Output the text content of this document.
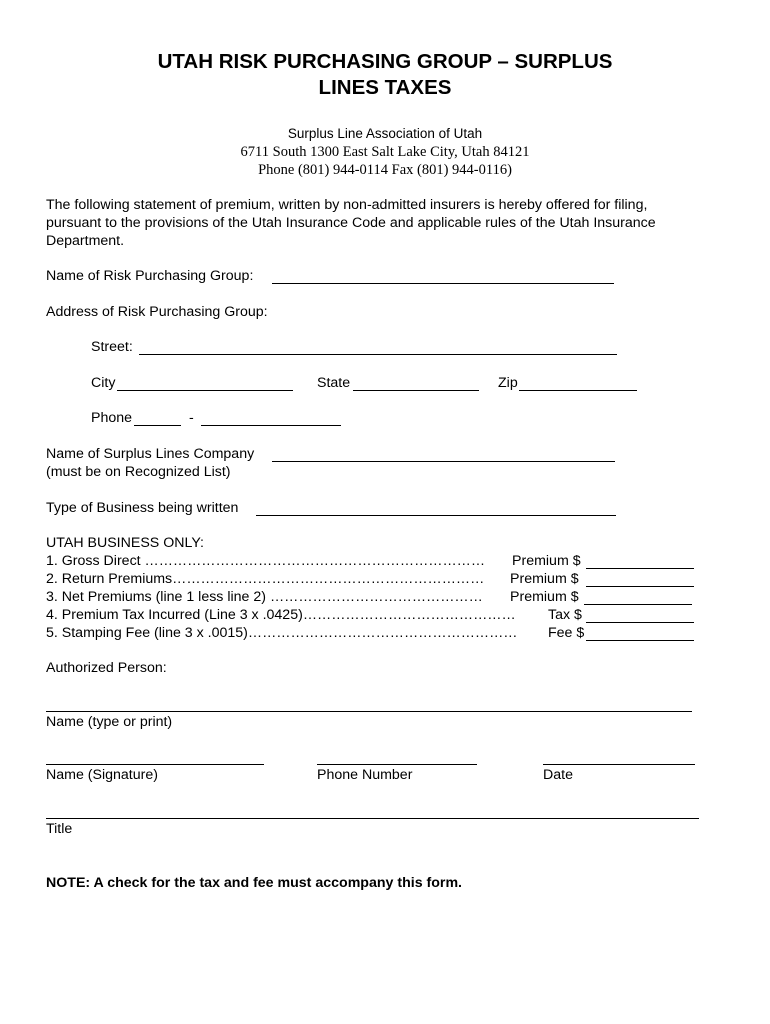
UTAH RISK PURCHASING GROUP – SURPLUS
LINES TAXES
Surplus Line Association of Utah
6711 South 1300 East Salt Lake City, Utah 84121
Phone (801) 944-0114 Fax (801) 944-0116)
The following statement of premium, written by non-admitted insurers is hereby offered for filing,
pursuant to the provisions of the Utah Insurance Code and applicable rules of the Utah Insurance
Department.
Name of Risk Purchasing Group:
Address of Risk Purchasing Group:
Street:
City	State	Zip
Phone	-
Name of Surplus Lines Company
(must be on Recognized List)
Type of Business being written
UTAH BUSINESS ONLY:
1. Gross Direct ………………………………………………………………	Premium $
2. Return Premiums…………………………………………………………	Premium $
3. Net Premiums (line 1 less line 2) ………………………………………	Premium $
4. Premium Tax Incurred (Line 3 x .0425)………………………………………	Tax $
5. Stamping Fee (line 3 x .0015)…………………………………………………	Fee $
Authorized Person:
Name (type or print)
Name (Signature)	Phone Number	Date
Title
NOTE: A check for the tax and fee must accompany this form.
